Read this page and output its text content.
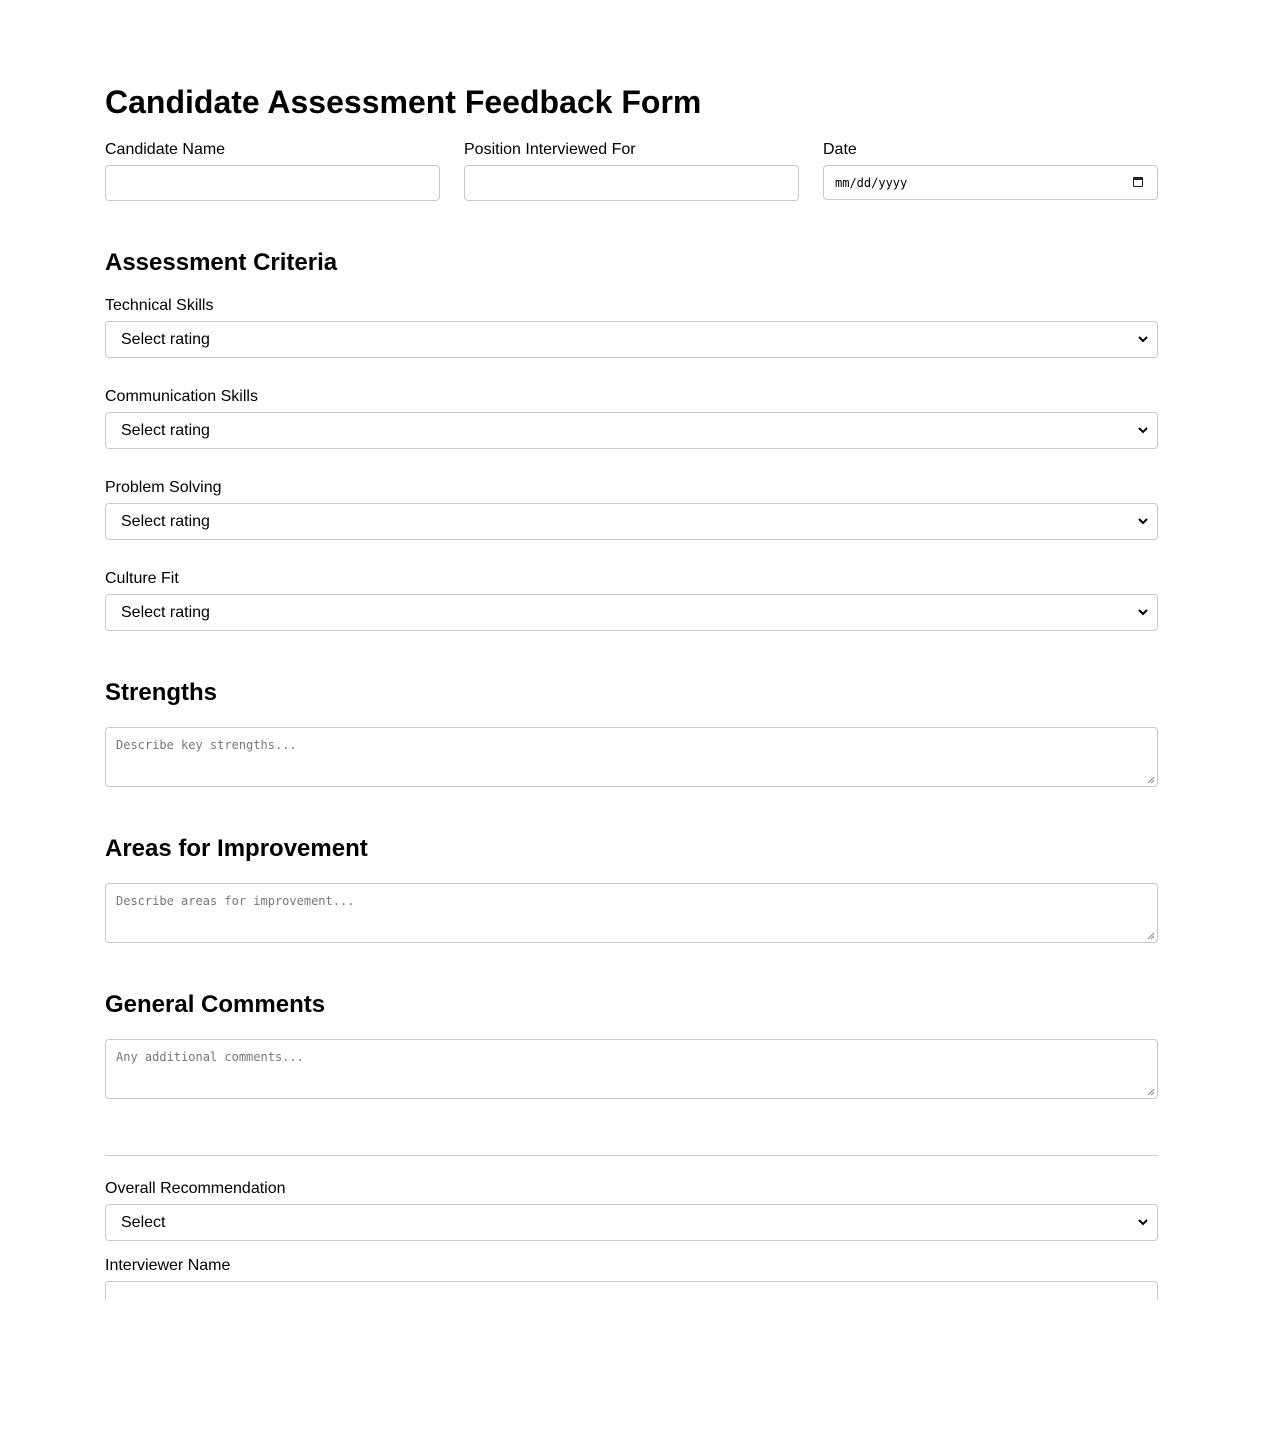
Candidate Assessment Feedback Form
Candidate Name	Position Interviewed For	Date
mm/dd/yyyy
Assessment Criteria
Technical Skills
Select rating
Communication Skills
Select rating
Problem Solving
Select rating
Culture Fit
Select rating
Strengths
Describe key strengths...
Areas for Improvement
Describe areas for improvement...
General Comments
Any additional comments...
Overall Recommendation
Select
Interviewer Name
